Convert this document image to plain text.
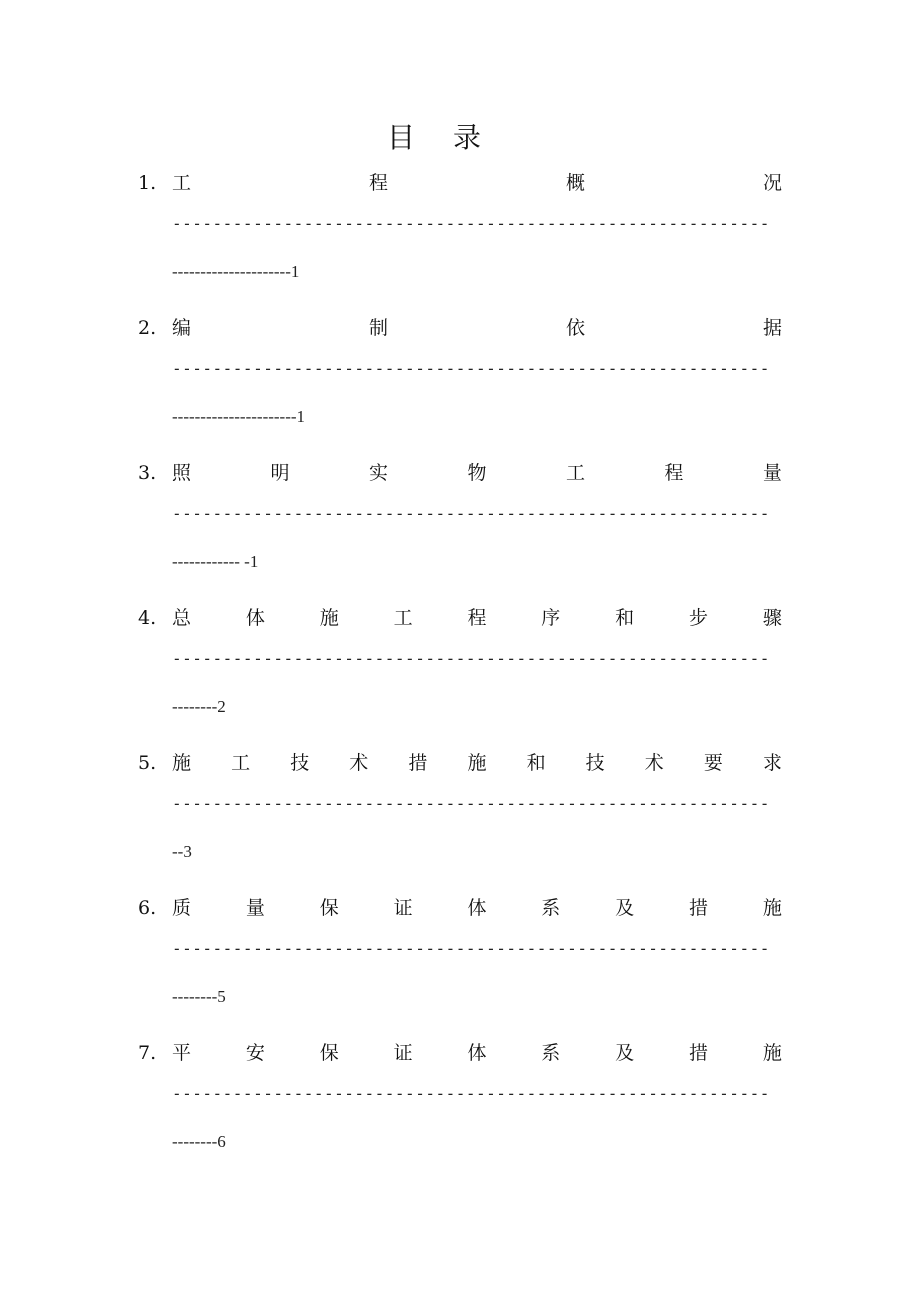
目 录
1. 工	程	概	况
-----------------------------------------------------------
---------------------1
2. 编	制	依	据
-----------------------------------------------------------
----------------------1
3. 照	明	实	物	工	程	量
-----------------------------------------------------------
------------ -1
4. 总	体	施	工	程	序	和	步	骤
-----------------------------------------------------------
--------2
5. 施 工 技 术 措 施 和 技 术 要 求
-----------------------------------------------------------
--3
6. 质	量	保	证	体	系	及	措	施
-----------------------------------------------------------
--------5
7. 平	安	保	证	体	系	及	措	施
-----------------------------------------------------------
--------6
